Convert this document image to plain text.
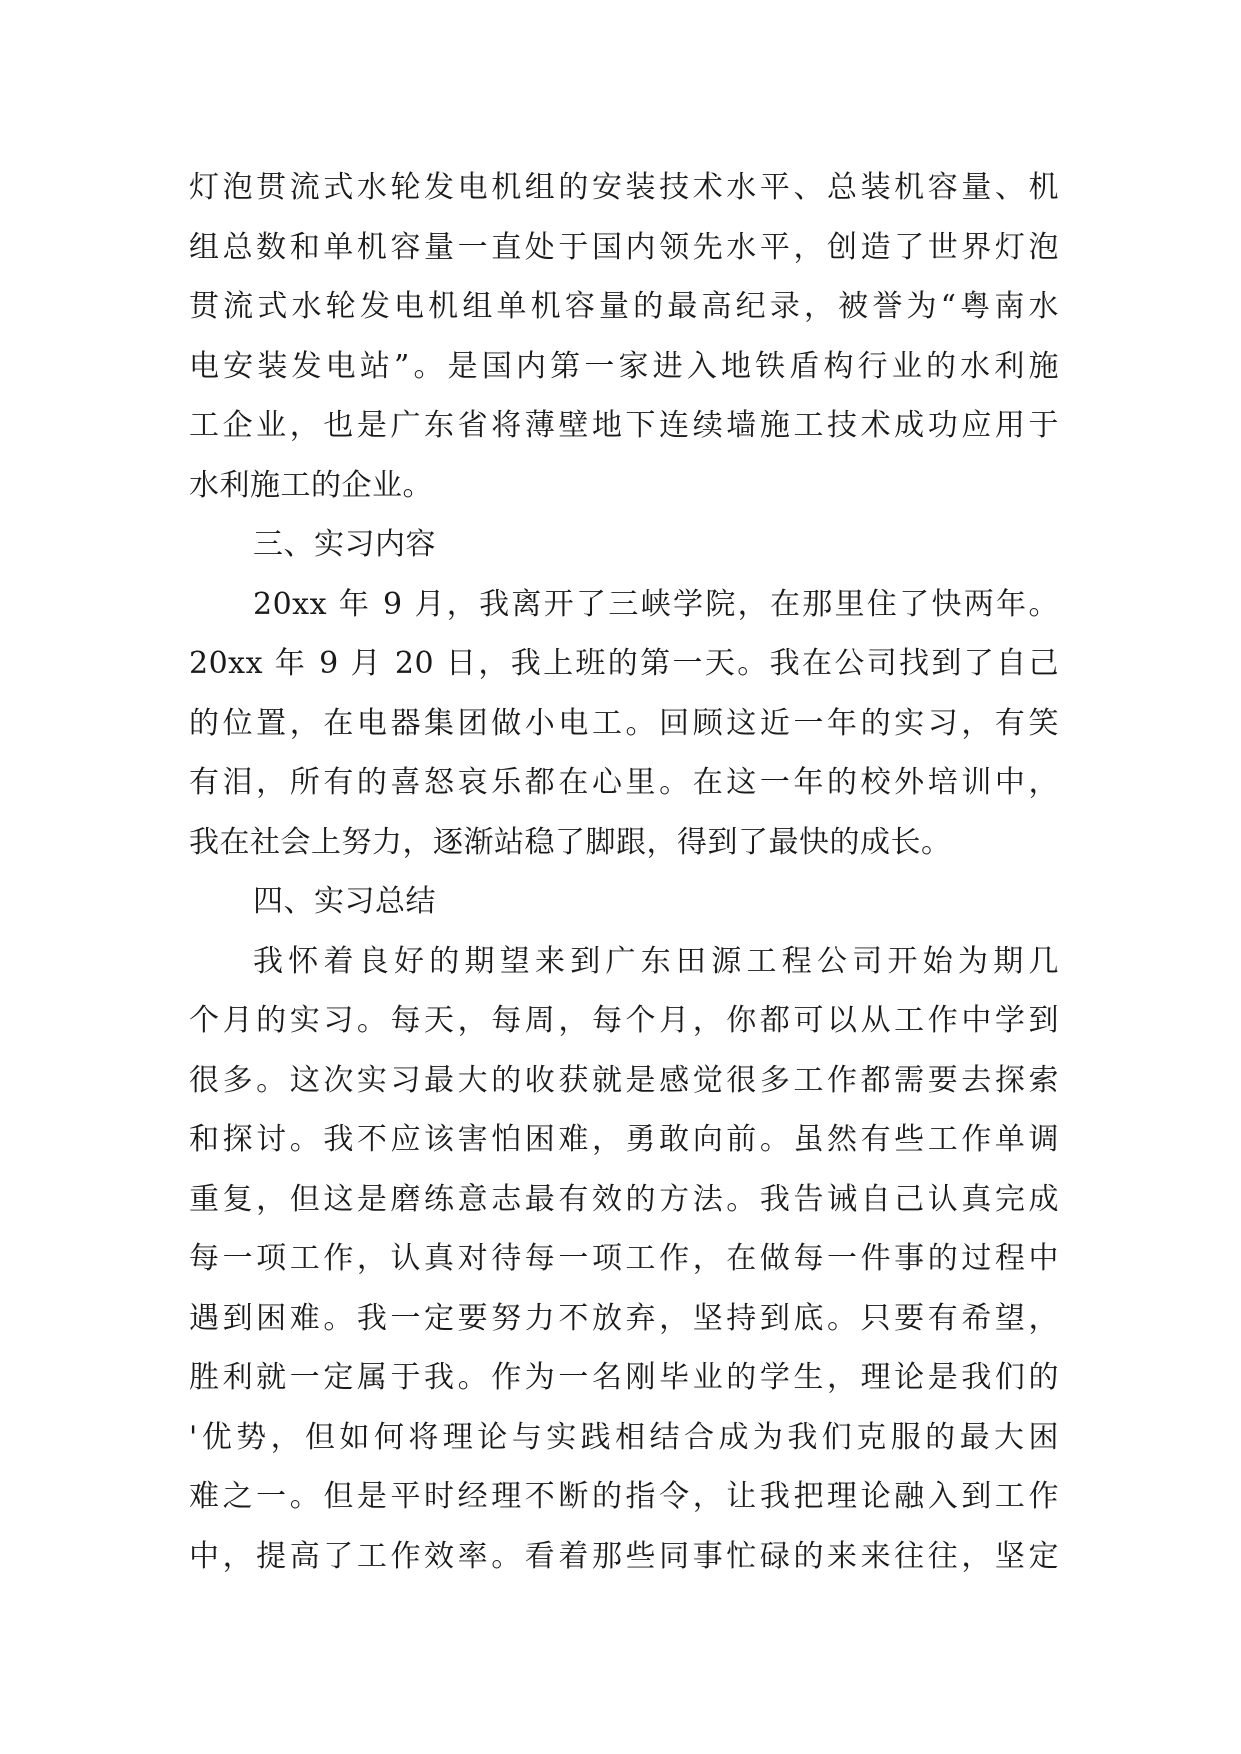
灯泡贯流式水轮发电机组的安装技术水平、总装机容量、机
组总数和单机容量一直处于国内领先水平，创造了世界灯泡
贯流式水轮发电机组单机容量的最高纪录，被誉为“粤南水
电安装发电站”。是国内第一家进入地铁盾构行业的水利施
工企业，也是广东省将薄壁地下连续墙施工技术成功应用于
水利施工的企业。
三、实习内容
20xx 年 9 月，我离开了三峡学院，在那里住了快两年。
20xx 年 9 月 20 日，我上班的第一天。我在公司找到了自己
的位置，在电器集团做小电工。回顾这近一年的实习，有笑
有泪，所有的喜怒哀乐都在心里。在这一年的校外培训中，
我在社会上努力，逐渐站稳了脚跟，得到了最快的成长。
四、实习总结
我怀着良好的期望来到广东田源工程公司开始为期几
个月的实习。每天，每周，每个月，你都可以从工作中学到
很多。这次实习最大的收获就是感觉很多工作都需要去探索
和探讨。我不应该害怕困难，勇敢向前。虽然有些工作单调
重复，但这是磨练意志最有效的方法。我告诫自己认真完成
每一项工作，认真对待每一项工作，在做每一件事的过程中
遇到困难。我一定要努力不放弃，坚持到底。只要有希望，
胜利就一定属于我。作为一名刚毕业的学生，理论是我们的
'优势，但如何将理论与实践相结合成为我们克服的最大困
难之一。但是平时经理不断的指令，让我把理论融入到工作
中，提高了工作效率。看着那些同事忙碌的来来往往，坚定
